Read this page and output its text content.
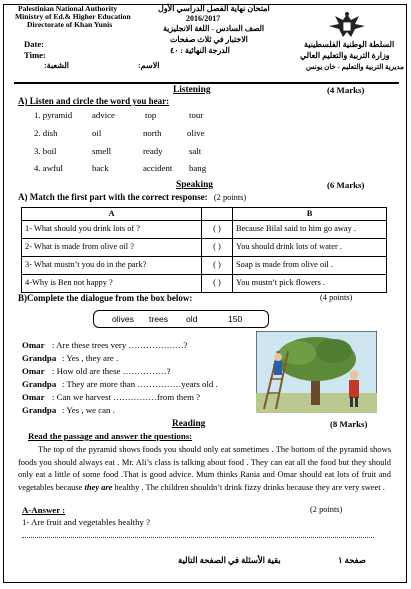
Palestinian National Authority
Ministry of Ed.& Higher Education
Directorate of Khan Yunis
Date:
Time:
امتحان نهاية الفصل الدراسي الأول
2016/2017
الصف السادس - اللغة الانجليزية
الاختبار في ثلاث صفحات
الدرجة النهائية : ٤٠
الاسم:
الشعبة:
السلطة الوطنية الفلسطينية
وزارة التربية والتعليم العالي
مديرية التربية والتعليم - خان يونس
Listening	(4 Marks)
A) Listen and circle the word you hear:
1. pyramid advice	top	tour
2. dish	oil	north	olive
3. boil	smell	ready	salt
4. awful	back	accident bang
Speaking	(6 Marks)
A) Match the first part with the correct response: (2 points)
A		B
1- What should you drink lots of ?	( )	Because Bilal said to him go away .
2- What is made from olive oil ?	( )	You should drink lots of water .
3- What mustn’t you do in the park?	( )	Soap is made from olive oil .
4-Why is Ben not happy ?	( )	You mustn’t pick flowers .
B)Complete the dialogue from the box below:	(4 points)
olives trees old	150
Omar : Are these trees very ……………….?
Grandpa : Yes , they are .
Omar : How old are these ……………?
Grandpa : They are more than ……………years old .
Omar : Can we harvest ……………from them ?
Grandpa : Yes , we can .
Reading	(8 Marks)
Read the passage and answer the questions:
The top of the pyramid shows foods you should only eat sometimes . The bottom of the pyramid shows foods you should always eat . Mr. Ali’s class is talking about food . They can eat all the food but they should only eat a little of some food .That is good advice. Mum thinks Rania and Omar should eat lots of fruit and vegetables because they are healthy . The children shouldn’t drink fizzy drinks because they are very sweet .
A-Answer :	(2 points)
1- Are fruit and vegetables healthy ?
بقية الأسئلة في الصفحة التالية	صفحة ١
